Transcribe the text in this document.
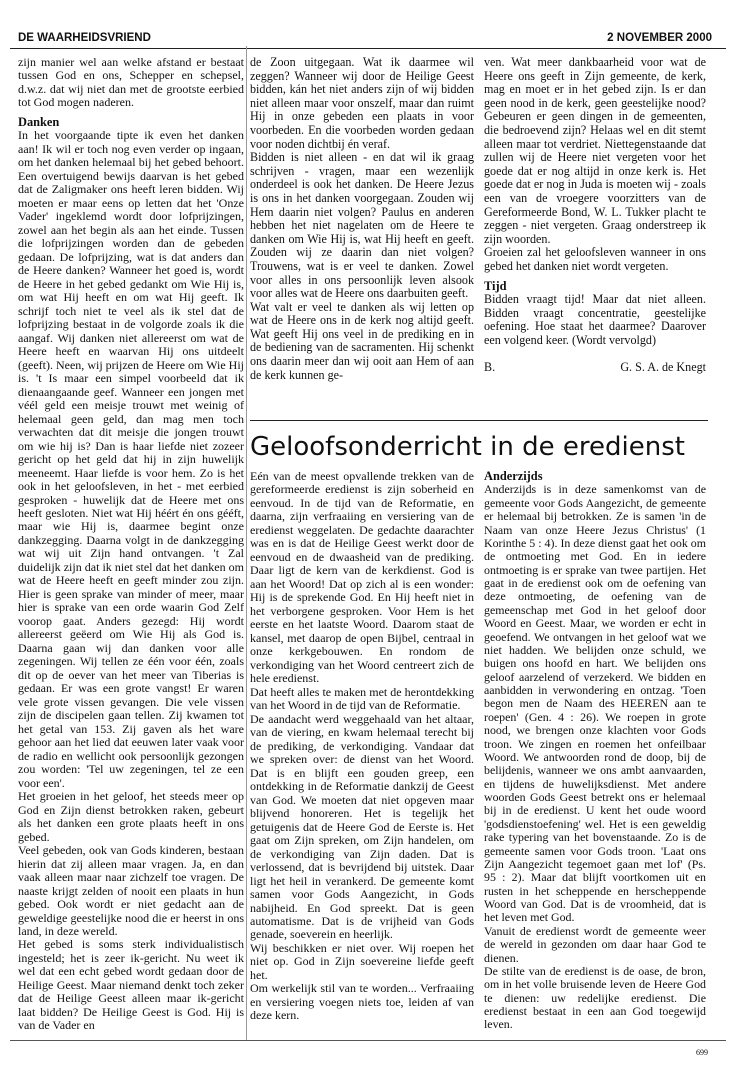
DE WAARHEIDSVRIEND	2 NOVEMBER 2000

zijn manier wel aan welke afstand er bestaat tussen God en ons, Schepper en schepsel, d.w.z. dat wij niet dan met de grootste eerbied tot God mogen naderen.

Danken

In het voorgaande tipte ik even het danken aan! Ik wil er toch nog even verder op ingaan, om het danken helemaal bij het gebed behoort. Een overtuigend bewijs daarvan is het gebed dat de Zaligmaker ons heeft leren bidden. Wij moeten er maar eens op letten dat het 'Onze Vader' ingeklemd wordt door lofprijzingen, zowel aan het begin als aan het einde. Tussen die lofprijzingen worden dan de gebeden gedaan. De lofprijzing, wat is dat anders dan de Heere danken? Wanneer het goed is, wordt de Heere in het gebed gedankt om Wie Hij is, om wat Hij heeft en om wat Hij geeft. Ik schrijf toch niet te veel als ik stel dat de lofprijzing bestaat in de volgorde zoals ik die aangaf. Wij danken niet allereerst om wat de Heere heeft en waarvan Hij ons uitdeelt (geeft). Neen, wij prijzen de Heere om Wie Hij is. 't Is maar een simpel voorbeeld dat ik dienaangaande geef. Wanneer een jongen met véél geld een meisje trouwt met weinig of helemaal geen geld, dan mag men toch verwachten dat dit meisje die jongen trouwt om wie hij is? Dan is haar liefde niet zozeer gericht op het geld dat hij in zijn huwelijk meeneemt. Haar liefde is voor hem. Zo is het ook in het geloofsleven, in het - met eerbied gesproken - huwelijk dat de Heere met ons heeft gesloten. Niet wat Hij héért én ons gééft, maar wie Hij is, daarmee begint onze dankzegging. Daarna volgt in de dankzegging wat wij uit Zijn hand ontvangen. 't Zal duidelijk zijn dat ik niet stel dat het danken om wat de Heere heeft en geeft minder zou zijn. Hier is geen sprake van minder of meer, maar hier is sprake van een orde waarin God Zelf voorop gaat. Anders gezegd: Hij wordt allereerst geëerd om Wie Hij als God is. Daarna gaan wij dan danken voor alle zegeningen. Wij tellen ze één voor één, zoals dit op de oever van het meer van Tiberias is gedaan. Er was een grote vangst! Er waren vele grote vissen gevangen. Die vele vissen zijn de discipelen gaan tellen. Zij kwamen tot het getal van 153. Zij gaven als het ware gehoor aan het lied dat eeuwen later vaak voor de radio en wellicht ook persoonlijk gezongen zou worden: 'Tel uw zegeningen, tel ze een voor een'.

Het groeien in het geloof, het steeds meer op God en Zijn dienst betrokken raken, gebeurt als het danken een grote plaats heeft in ons gebed.

Veel gebeden, ook van Gods kinderen, bestaan hierin dat zij alleen maar vragen. Ja, en dan vaak alleen maar naar zichzelf toe vragen. De naaste krijgt zelden of nooit een plaats in hun gebed. Ook wordt er niet gedacht aan de geweldige geestelijke nood die er heerst in ons land, in deze wereld.

Het gebed is soms sterk individualistisch ingesteld; het is zeer ik-gericht. Nu weet ik wel dat een echt gebed wordt gedaan door de Heilige Geest. Maar niemand denkt toch zeker dat de Heilige Geest alleen maar ik-gericht laat bidden? De Heilige Geest is God. Hij is van de Vader en

de Zoon uitgegaan. Wat ik daarmee wil zeggen? Wanneer wij door de Heilige Geest bidden, kán het niet anders zijn of wij bidden niet alleen maar voor onszelf, maar dan ruimt Hij in onze gebeden een plaats in voor voorbeden. En die voorbeden worden gedaan voor noden dichtbij én veraf.

Bidden is niet alleen - en dat wil ik graag schrijven - vragen, maar een wezenlijk onderdeel is ook het danken. De Heere Jezus is ons in het danken voorgegaan. Zouden wij Hem daarin niet volgen? Paulus en anderen hebben het niet nagelaten om de Heere te danken om Wie Hij is, wat Hij heeft en geeft. Zouden wij ze daarin dan niet volgen? Trouwens, wat is er veel te danken. Zowel voor alles in ons persoonlijk leven alsook voor alles wat de Heere ons daarbuiten geeft.

Wat valt er veel te danken als wij letten op wat de Heere ons in de kerk nog altijd geeft. Wat geeft Hij ons veel in de prediking en in de bediening van de sacramenten. Hij schenkt ons daarin meer dan wij ooit aan Hem of aan de kerk kunnen ge-

ven. Wat meer dankbaarheid voor wat de Heere ons geeft in Zijn gemeente, de kerk, mag en moet er in het gebed zijn. Is er dan geen nood in de kerk, geen geestelijke nood? Gebeuren er geen dingen in de gemeenten, die bedroevend zijn? Helaas wel en dit stemt alleen maar tot verdriet. Niettegenstaande dat zullen wij de Heere niet vergeten voor het goede dat er nog altijd in onze kerk is. Het goede dat er nog in Juda is moeten wij - zoals een van de vroegere voorzitters van de Gereformeerde Bond, W. L. Tukker placht te zeggen - niet vergeten. Graag onderstreep ik zijn woorden.

Groeien zal het geloofsleven wanneer in ons gebed het danken niet wordt vergeten.

Tijd

Bidden vraagt tijd! Maar dat niet alleen. Bidden vraagt concentratie, geestelijke oefening. Hoe staat het daarmee? Daarover een volgend keer. (Wordt vervolgd)

B.	G. S. A. de Knegt
Geloofsonderricht in de eredienst

Eén van de meest opvallende trekken van de gereformeerde eredienst is zijn soberheid en eenvoud. In de tijd van de Reformatie, en daarna, zijn verfraaiing en versiering van de eredienst weggelaten. De gedachte daarachter was en is dat de Heilige Geest werkt door de eenvoud en de dwaasheid van de prediking. Daar ligt de kern van de kerkdienst. God is aan het Woord! Dat op zich al is een wonder: Hij is de sprekende God. En Hij heeft niet in het verborgene gesproken. Voor Hem is het eerste en het laatste Woord. Daarom staat de kansel, met daarop de open Bijbel, centraal in onze kerkgebouwen. En rondom de verkondiging van het Woord centreert zich de hele eredienst.

Dat heeft alles te maken met de herontdekking van het Woord in de tijd van de Reformatie.

De aandacht werd weggehaald van het altaar, van de viering, en kwam helemaal terecht bij de prediking, de verkondiging. Vandaar dat we spreken over: de dienst van het Woord. Dat is en blijft een gouden greep, een ontdekking in de Reformatie dankzij de Geest van God. We moeten dat niet opgeven maar blijvend honoreren. Het is tegelijk het getuigenis dat de Heere God de Eerste is. Het gaat om Zijn spreken, om Zijn handelen, om de verkondiging van Zijn daden. Dat is verlossend, dat is bevrijdend bij uitstek. Daar ligt het heil in verankerd. De gemeente komt samen voor Gods Aangezicht, in Gods nabijheid. En God spreekt. Dat is geen automatisme. Dat is de vrijheid van Gods genade, soeverein en heerlijk.

Wij beschikken er niet over. Wij roepen het niet op. God in Zijn soevereine liefde geeft het.

Om werkelijk stil van te worden... Verfraaiing en versiering voegen niets toe, leiden af van deze kern.

Anderzijds

Anderzijds is in deze samenkomst van de gemeente voor Gods Aangezicht, de gemeente er helemaal bij betrokken. Ze is samen 'in de Naam van onze Heere Jezus Christus' (1 Korinthe 5 : 4). In deze dienst gaat het ook om de ontmoeting met God. En in iedere ontmoeting is er sprake van twee partijen. Het gaat in de eredienst ook om de oefening van deze ontmoeting, de oefening van de gemeenschap met God in het geloof door Woord en Geest. Maar, we worden er echt in geoefend. We ontvangen in het geloof wat we niet hadden. We belijden onze schuld, we buigen ons hoofd en hart. We belijden ons geloof aarzelend of verzekerd. We bidden en aanbidden in verwondering en ontzag. 'Toen begon men de Naam des HEEREN aan te roepen' (Gen. 4 : 26). We roepen in grote nood, we brengen onze klachten voor Gods troon. We zingen en roemen het onfeilbaar Woord. We antwoorden rond de doop, bij de belijdenis, wanneer we ons ambt aanvaarden, en tijdens de huwelijksdienst. Met andere woorden Gods Geest betrekt ons er helemaal bij in de eredienst. U kent het oude woord 'godsdienstoefening' wel. Het is een geweldig rake typering van het bovenstaande. Zo is de gemeente samen voor Gods troon. 'Laat ons Zijn Aangezicht tegemoet gaan met lof' (Ps. 95 : 2). Maar dat blijft voortkomen uit en rusten in het scheppende en herscheppende Woord van God. Dat is de vroomheid, dat is het leven met God.

Vanuit de eredienst wordt de gemeente weer de wereld in gezonden om daar haar God te dienen.

De stilte van de eredienst is de oase, de bron, om in het volle bruisende leven de Heere God te dienen: uw redelijke eredienst. Die eredienst bestaat in een aan God toegewijd leven.

699
